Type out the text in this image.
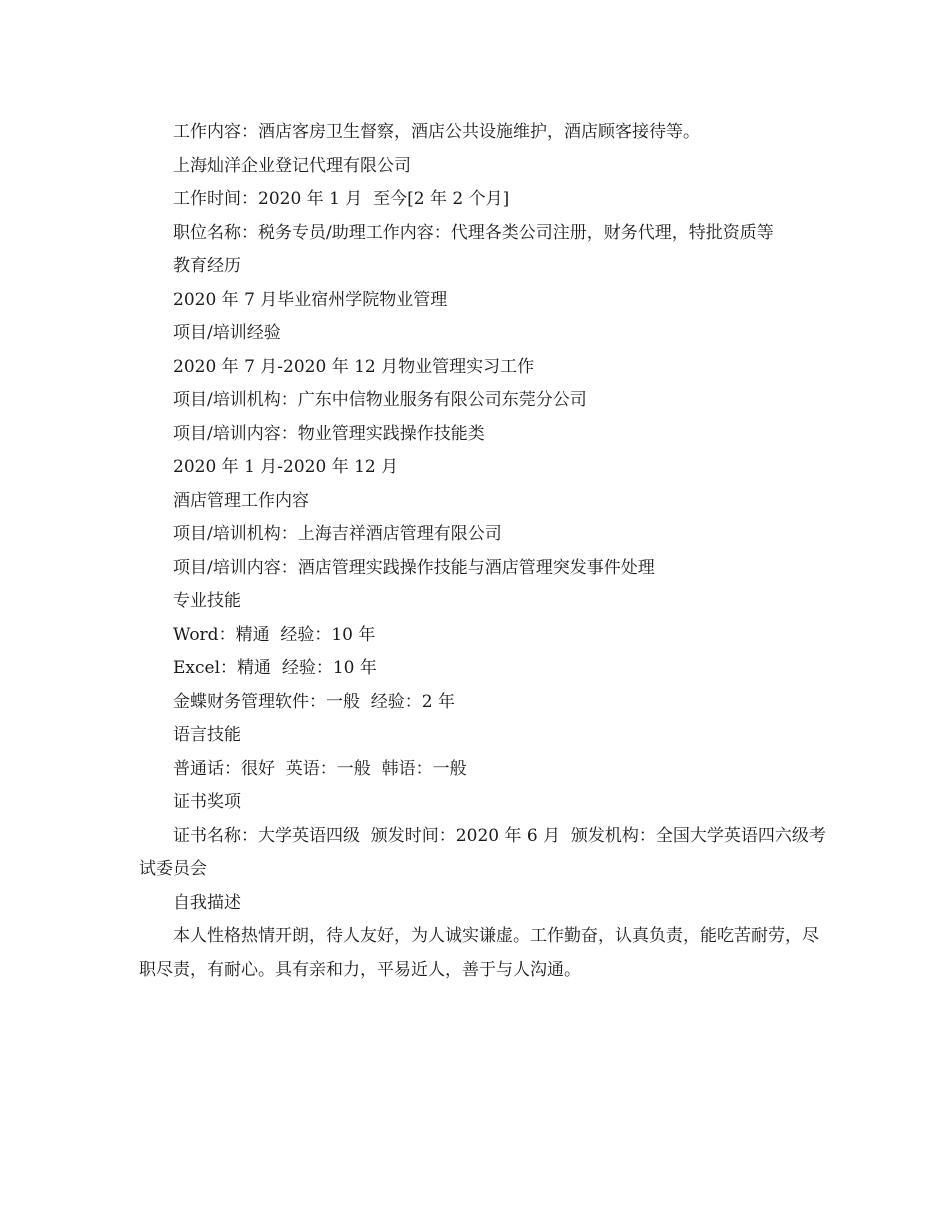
工作内容：酒店客房卫生督察，酒店公共设施维护，酒店顾客接待等。

上海灿洋企业登记代理有限公司

工作时间：2020 年 1 月  至今[2 年 2 个月]

职位名称：税务专员/助理工作内容：代理各类公司注册，财务代理，特批资质等

教育经历

2020 年 7 月毕业宿州学院物业管理

项目/培训经验

2020 年 7 月-2020 年 12 月物业管理实习工作

项目/培训机构：广东中信物业服务有限公司东莞分公司

项目/培训内容：物业管理实践操作技能类

2020 年 1 月-2020 年 12 月

酒店管理工作内容

项目/培训机构：上海吉祥酒店管理有限公司

项目/培训内容：酒店管理实践操作技能与酒店管理突发事件处理

专业技能

Word：精通  经验：10 年

Excel：精通  经验：10 年

金蝶财务管理软件：一般  经验：2 年

语言技能

普通话：很好  英语：一般  韩语：一般

证书奖项

证书名称：大学英语四级  颁发时间：2020 年 6 月  颁发机构：全国大学英语四六级考试委员会

自我描述

本人性格热情开朗，待人友好，为人诚实谦虚。工作勤奋，认真负责，能吃苦耐劳，尽职尽责，有耐心。具有亲和力，平易近人，善于与人沟通。
